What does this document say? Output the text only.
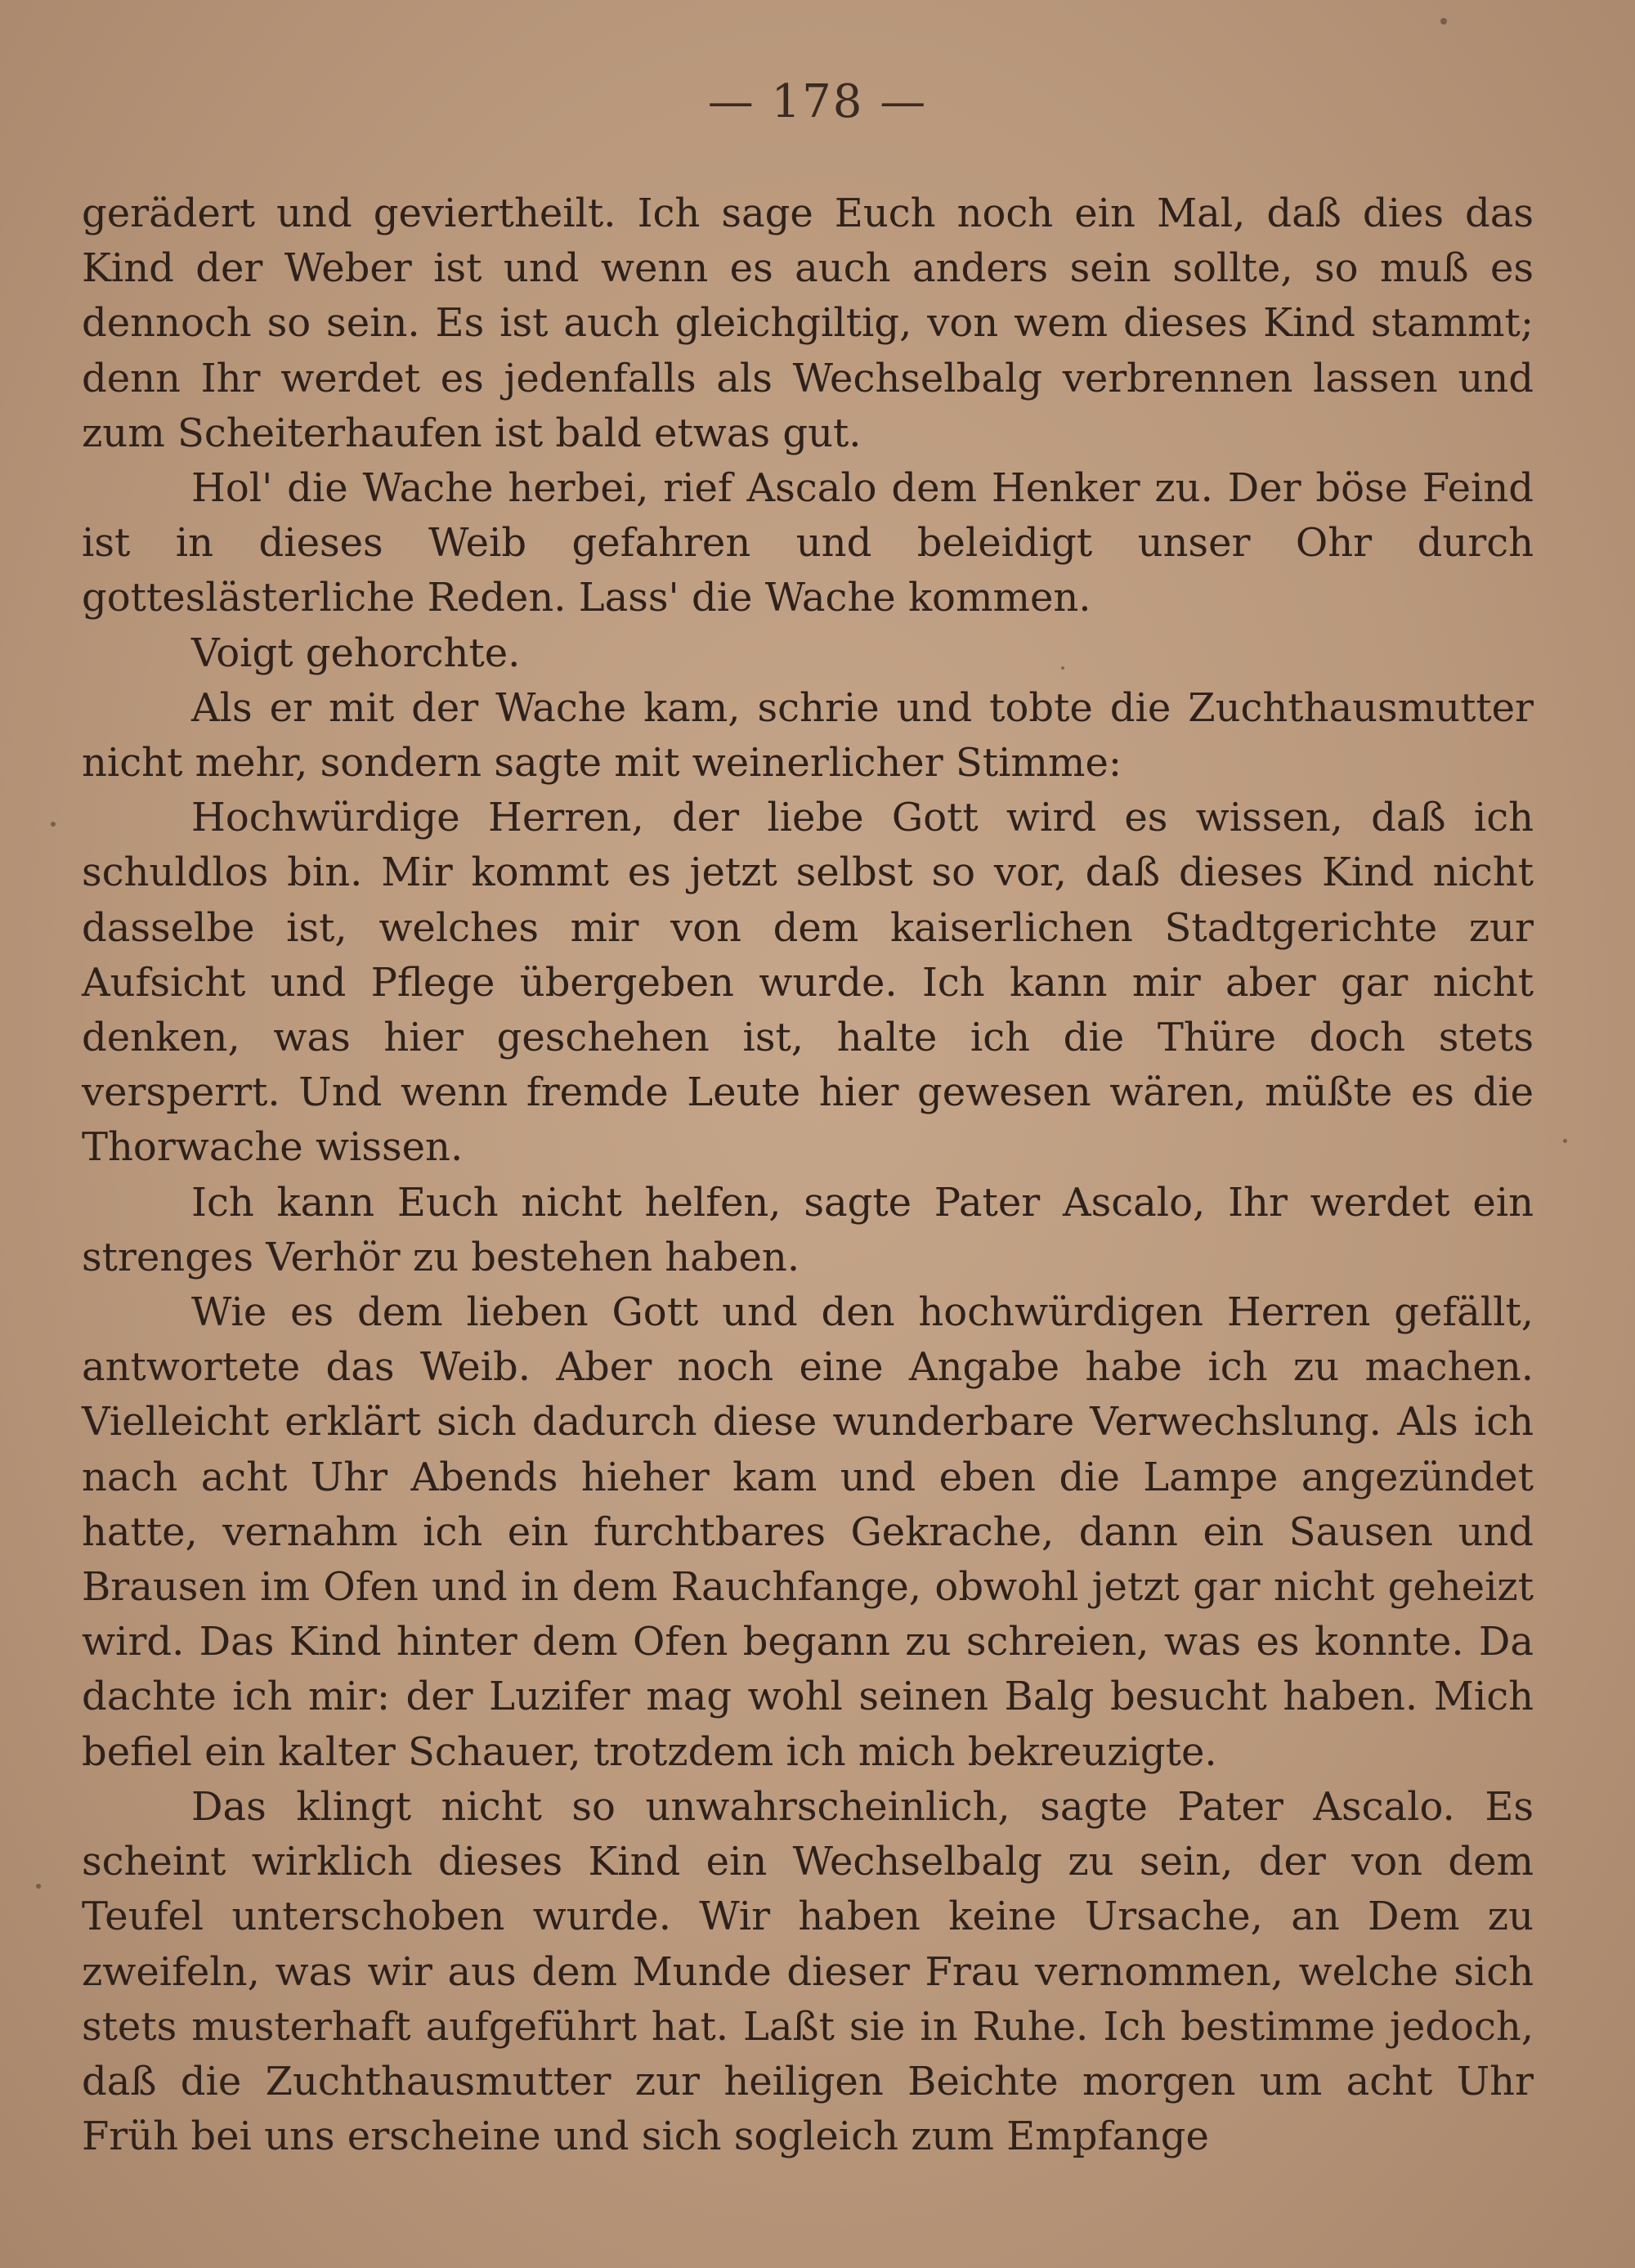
— 178 —

gerädert und geviertheilt. Ich sage Euch noch ein Mal, daß dies das Kind der Weber ist und wenn es auch anders sein sollte, so muß es dennoch so sein. Es ist auch gleichgiltig, von wem dieses Kind stammt; denn Ihr werdet es jedenfalls als Wechselbalg verbrennen lassen und zum Scheiterhaufen ist bald etwas gut.

Hol' die Wache herbei, rief Ascalo dem Henker zu. Der böse Feind ist in dieses Weib gefahren und beleidigt unser Ohr durch gotteslästerliche Reden. Lass' die Wache kommen.

Voigt gehorchte.

Als er mit der Wache kam, schrie und tobte die Zuchthausmutter nicht mehr, sondern sagte mit weinerlicher Stimme:

Hochwürdige Herren, der liebe Gott wird es wissen, daß ich schuldlos bin. Mir kommt es jetzt selbst so vor, daß dieses Kind nicht dasselbe ist, welches mir von dem kaiserlichen Stadtgerichte zur Aufsicht und Pflege übergeben wurde. Ich kann mir aber gar nicht denken, was hier geschehen ist, halte ich die Thüre doch stets versperrt. Und wenn fremde Leute hier gewesen wären, müßte es die Thorwache wissen.

Ich kann Euch nicht helfen, sagte Pater Ascalo, Ihr werdet ein strenges Verhör zu bestehen haben.

Wie es dem lieben Gott und den hochwürdigen Herren gefällt, antwortete das Weib. Aber noch eine Angabe habe ich zu machen. Vielleicht erklärt sich dadurch diese wunderbare Verwechslung. Als ich nach acht Uhr Abends hieher kam und eben die Lampe angezündet hatte, vernahm ich ein furchtbares Gekrache, dann ein Sausen und Brausen im Ofen und in dem Rauchfange, obwohl jetzt gar nicht geheizt wird. Das Kind hinter dem Ofen begann zu schreien, was es konnte. Da dachte ich mir: der Luzifer mag wohl seinen Balg besucht haben. Mich befiel ein kalter Schauer, trotzdem ich mich bekreuzigte.

Das klingt nicht so unwahrscheinlich, sagte Pater Ascalo. Es scheint wirklich dieses Kind ein Wechselbalg zu sein, der von dem Teufel unterschoben wurde. Wir haben keine Ursache, an Dem zu zweifeln, was wir aus dem Munde dieser Frau vernommen, welche sich stets musterhaft aufgeführt hat. Laßt sie in Ruhe. Ich bestimme jedoch, daß die Zuchthausmutter zur heiligen Beichte morgen um acht Uhr Früh bei uns erscheine und sich sogleich zum Empfange
